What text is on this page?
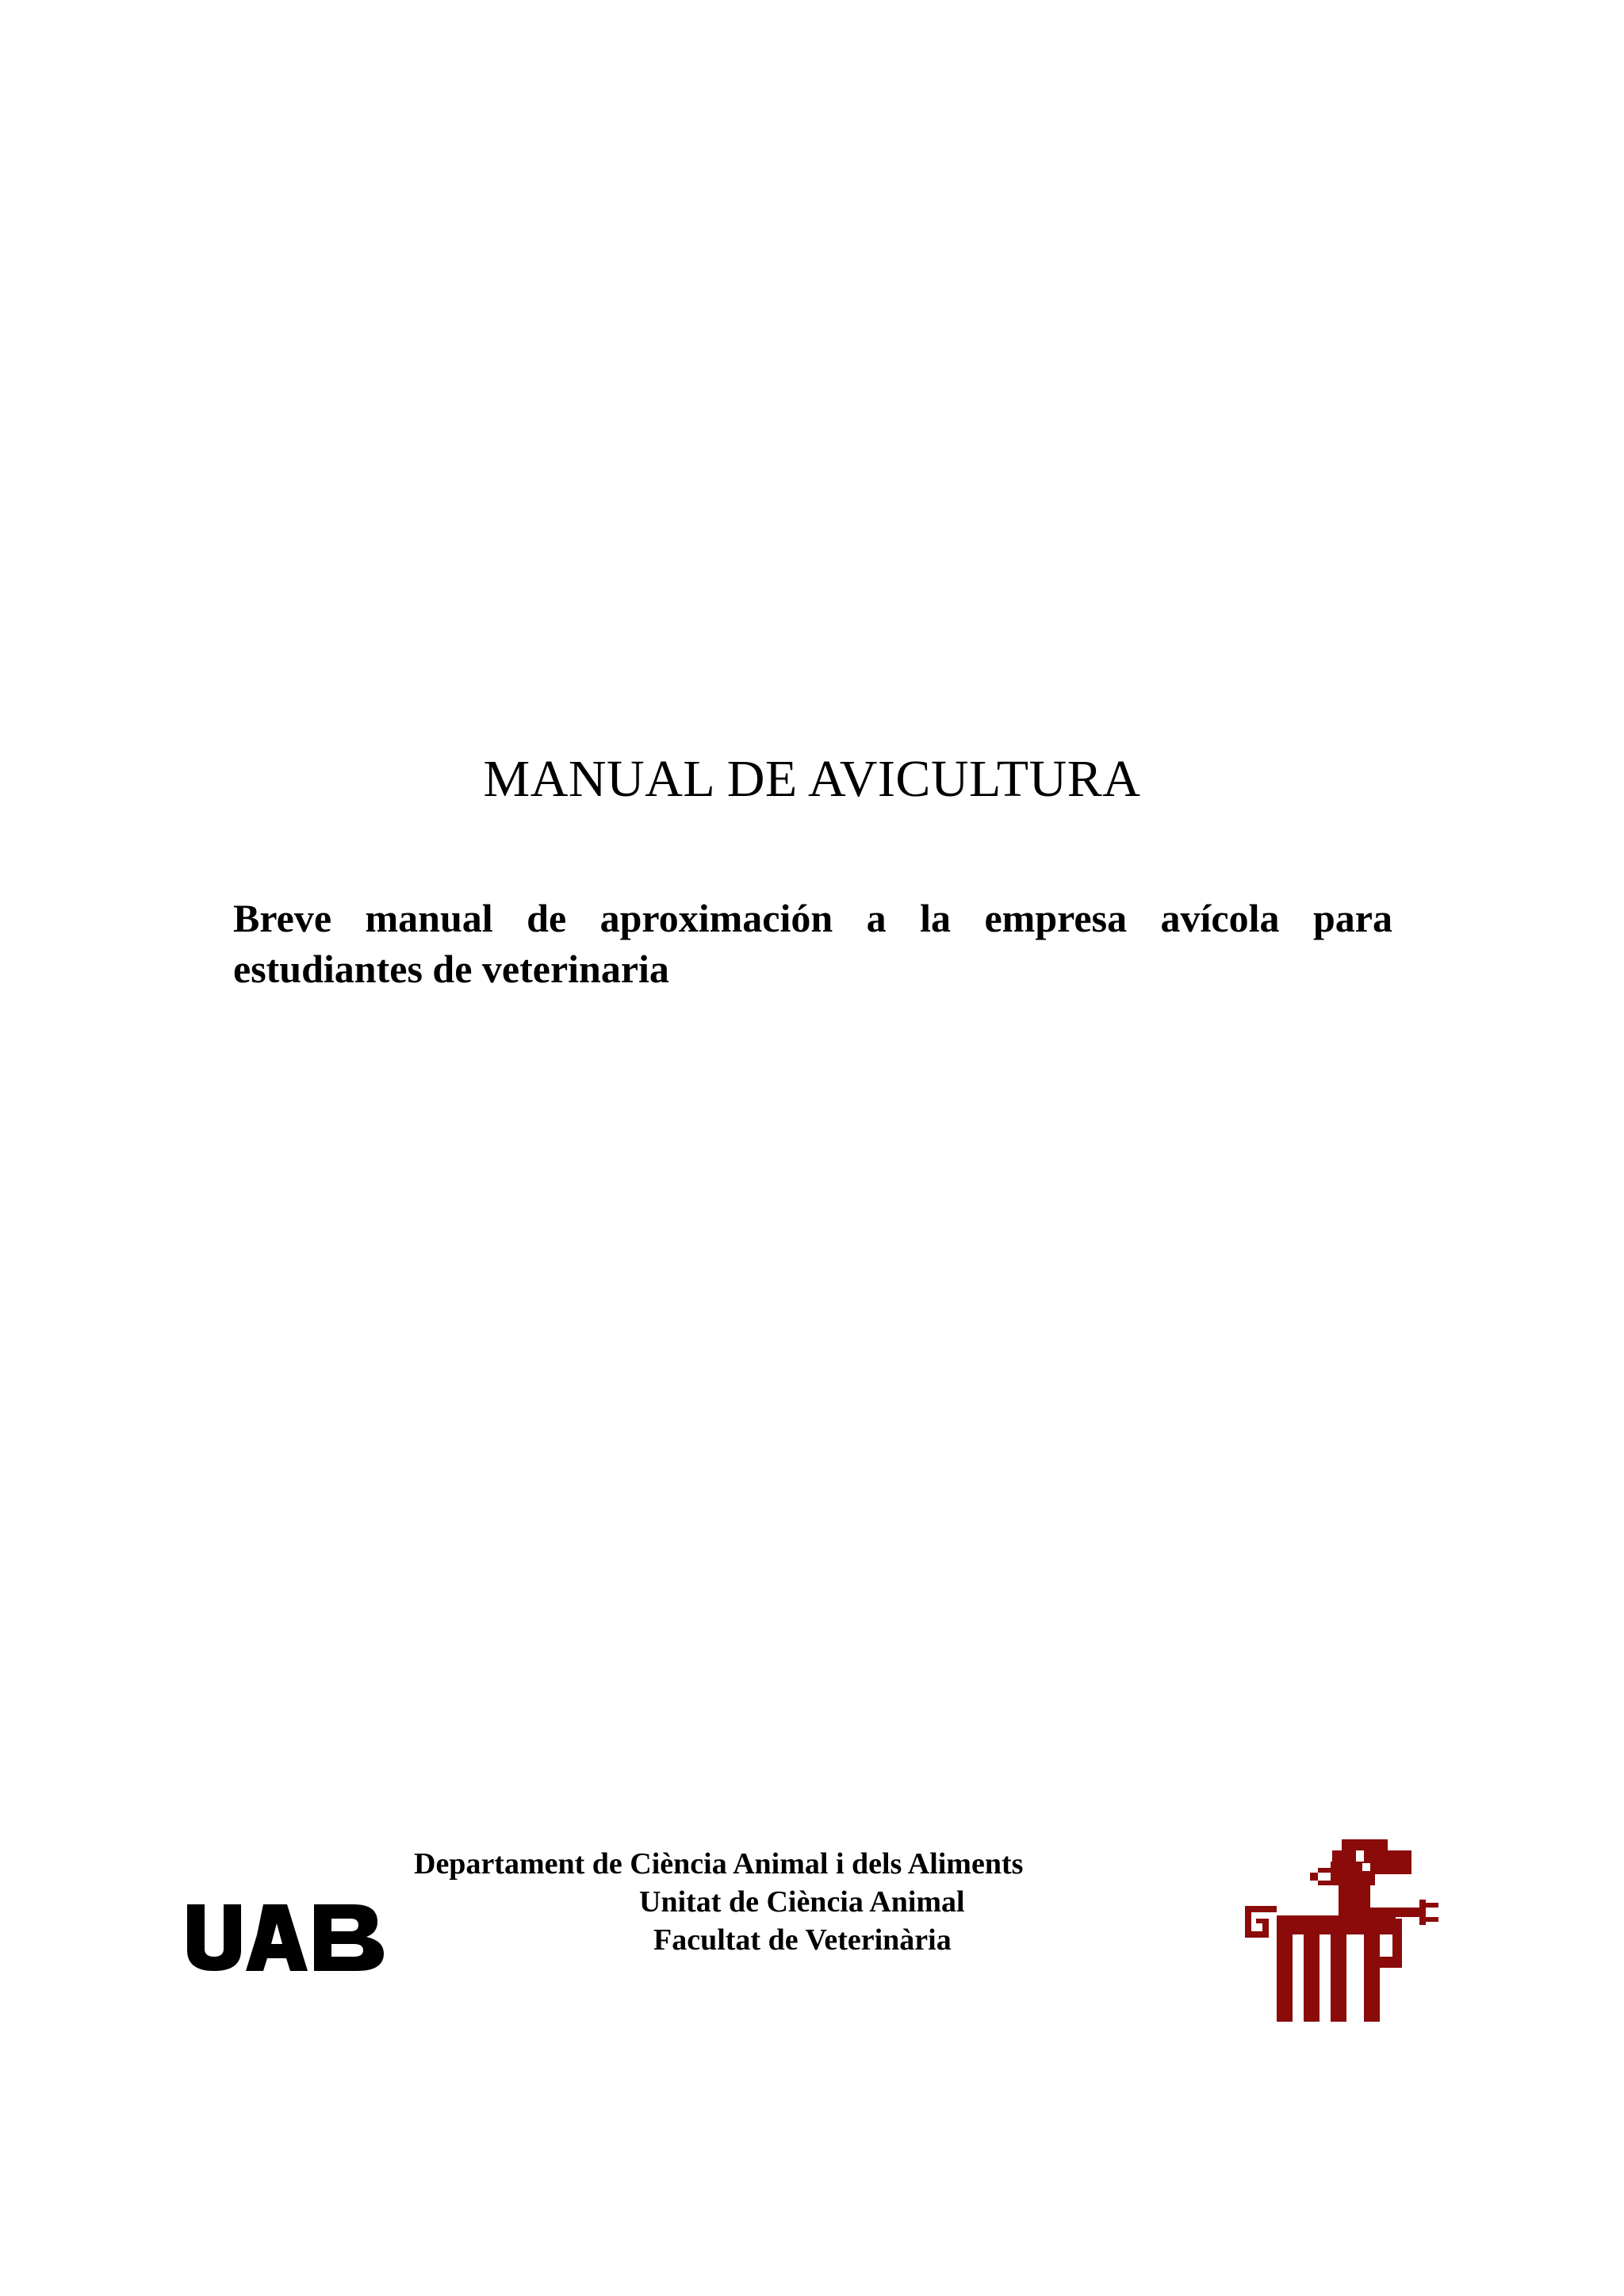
MANUAL DE AVICULTURA
Breve manual de aproximación a la empresa avícola para
estudiantes de veterinaria
Departament de Ciència Animal i dels Aliments
Unitat de Ciència Animal
Facultat de Veterinària
